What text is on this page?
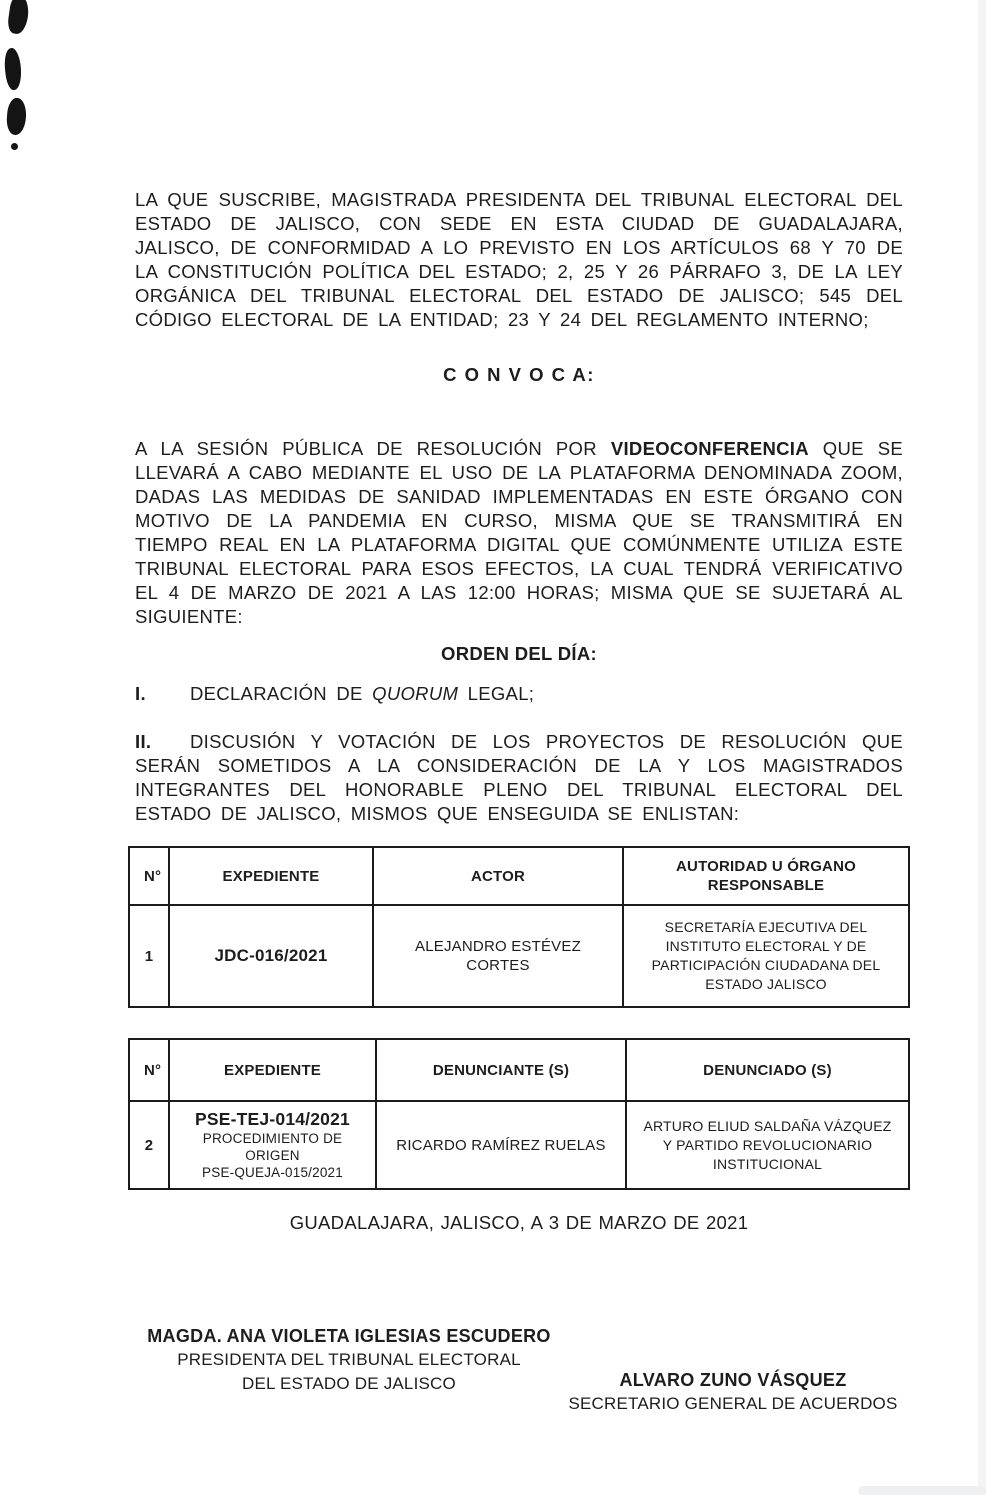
LA QUE SUSCRIBE, MAGISTRADA PRESIDENTA DEL TRIBUNAL ELECTORAL DEL ESTADO DE JALISCO, CON SEDE EN ESTA CIUDAD DE GUADALAJARA, JALISCO, DE CONFORMIDAD A LO PREVISTO EN LOS ARTÍCULOS 68 Y 70 DE LA CONSTITUCIÓN POLÍTICA DEL ESTADO; 2, 25 Y 26 PÁRRAFO 3, DE LA LEY ORGÁNICA DEL TRIBUNAL ELECTORAL DEL ESTADO DE JALISCO; 545 DEL CÓDIGO ELECTORAL DE LA ENTIDAD; 23 Y 24 DEL REGLAMENTO INTERNO;

C O N V O C A:

A LA SESIÓN PÚBLICA DE RESOLUCIÓN POR VIDEOCONFERENCIA QUE SE LLEVARÁ A CABO MEDIANTE EL USO DE LA PLATAFORMA DENOMINADA ZOOM, DADAS LAS MEDIDAS DE SANIDAD IMPLEMENTADAS EN ESTE ÓRGANO CON MOTIVO DE LA PANDEMIA EN CURSO, MISMA QUE SE TRANSMITIRÁ EN TIEMPO REAL EN LA PLATAFORMA DIGITAL QUE COMÚNMENTE UTILIZA ESTE TRIBUNAL ELECTORAL PARA ESOS EFECTOS, LA CUAL TENDRÁ VERIFICATIVO EL 4 DE MARZO DE 2021 A LAS 12:00 HORAS; MISMA QUE SE SUJETARÁ AL SIGUIENTE:

ORDEN DEL DÍA:

I. DECLARACIÓN DE QUORUM LEGAL;

II. DISCUSIÓN Y VOTACIÓN DE LOS PROYECTOS DE RESOLUCIÓN QUE SERÁN SOMETIDOS A LA CONSIDERACIÓN DE LA Y LOS MAGISTRADOS INTEGRANTES DEL HONORABLE PLENO DEL TRIBUNAL ELECTORAL DEL ESTADO DE JALISCO, MISMOS QUE ENSEGUIDA SE ENLISTAN:

N°	EXPEDIENTE	ACTOR	AUTORIDAD U ÓRGANO RESPONSABLE
1	JDC-016/2021	ALEJANDRO ESTÉVEZ CORTES	SECRETARÍA EJECUTIVA DEL INSTITUTO ELECTORAL Y DE PARTICIPACIÓN CIUDADANA DEL ESTADO JALISCO
N°	EXPEDIENTE	DENUNCIANTE (S)	DENUNCIADO (S)
2	PSE-TEJ-014/2021
PROCEDIMIENTO DE ORIGEN
PSE-QUEJA-015/2021	RICARDO RAMÍREZ RUELAS	ARTURO ELIUD SALDAÑA VÁZQUEZ Y PARTIDO REVOLUCIONARIO INSTITUCIONAL

GUADALAJARA, JALISCO, A 3 DE MARZO DE 2021

MAGDA. ANA VIOLETA IGLESIAS ESCUDERO
PRESIDENTA DEL TRIBUNAL ELECTORAL
DEL ESTADO DE JALISCO	ALVARO ZUNO VÁSQUEZ
SECRETARIO GENERAL DE ACUERDOS
